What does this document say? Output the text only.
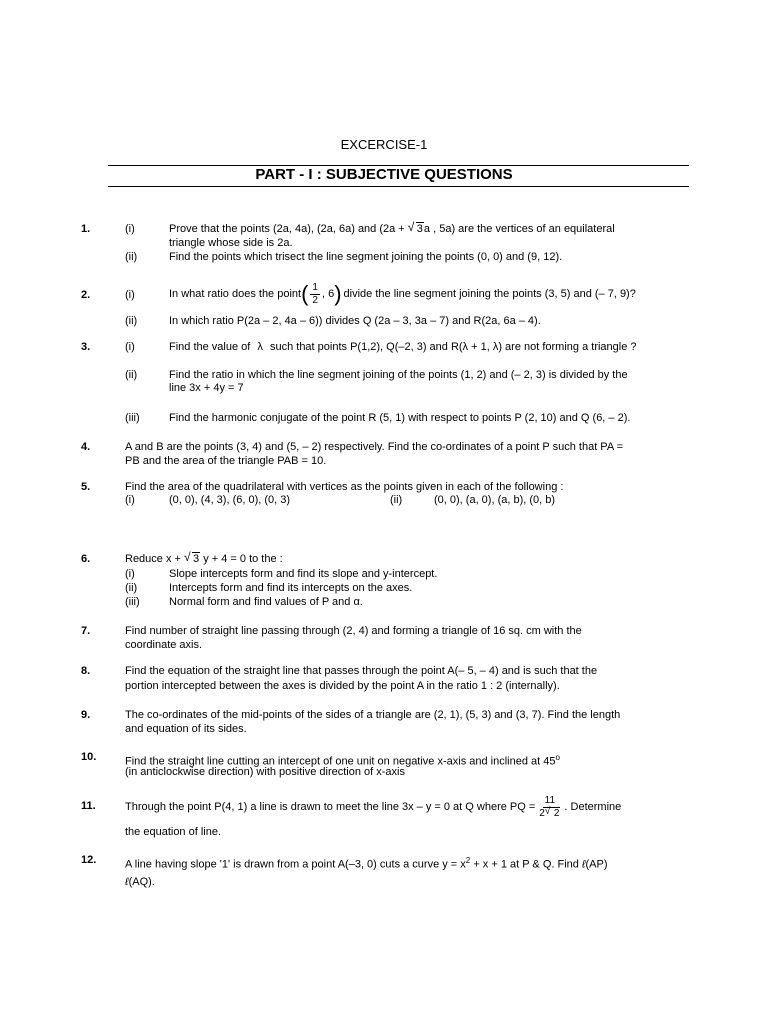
EXCERCISE-1
PART - I : SUBJECTIVE QUESTIONS
1.	(i)	Prove that the points (2a, 4a), (2a, 6a) and (2a + √ 3a , 5a) are the vertices of an equilateral
triangle whose side is 2a.
(ii)	Find the points which trisect the line segment joining the points (0, 0) and (9, 12).
2.	(i)	In what ratio does the point ( $\frac{1}{2}$ , 6 ) divide the line segment joining the points (3, 5) and (– 7, 9)?
(ii)	In which ratio P(2a – 2, 4a – 6)) divides Q (2a – 3, 3a – 7) and R(2a, 6a – 4).
3.	(i)	Find the value of λ such that points P(1,2), Q(–2, 3) and R(λ + 1, λ) are not forming a triangle ?
(ii)	Find the ratio in which the line segment joining of the points (1, 2) and (– 2, 3) is divided by the
line 3x + 4y = 7
(iii)	Find the harmonic conjugate of the point R (5, 1) with respect to points P (2, 10) and Q (6, – 2).
4.	A and B are the points (3, 4) and (5, – 2) respectively. Find the co-ordinates of a point P such that PA =
PB and the area of the triangle PAB = 10.
5.	Find the area of the quadrilateral with vertices as the points given in each of the following :
(i)	(0, 0), (4, 3), (6, 0), (0, 3)	(ii)	(0, 0), (a, 0), (a, b), (0, b)
6.	Reduce x + √ 3 y + 4 = 0 to the :
(i)	Slope intercepts form and find its slope and y-intercept.
(ii)	Intercepts form and find its intercepts on the axes.
(iii)	Normal form and find values of P and α.
7.	Find number of straight line passing through (2, 4) and forming a triangle of 16 sq. cm with the
coordinate axis.
8.	Find the equation of the straight line that passes through the point A(– 5, – 4) and is such that the
portion intercepted between the axes is divided by the point A in the ratio 1 : 2 (internally).
9.	The co-ordinates of the mid-points of the sides of a triangle are (2, 1), (5, 3) and (3, 7). Find the length
and equation of its sides.
10.	Find the straight line cutting an intercept of one unit on negative x-axis and inclined at 45$^o$
(in anticlockwise direction) with positive direction of x-axis
11.	Through the point P(4, 1) a line is drawn to meet the line 3x – y = 0 at Q where PQ = $\frac{11}{2 √ 2}$ . Determine
the equation of line.
12.	A line having slope '1' is drawn from a point A(–3, 0) cuts a curve $y = x^2 + x + 1$ at P & Q. Find ℓ(AP)
ℓ(AQ).
